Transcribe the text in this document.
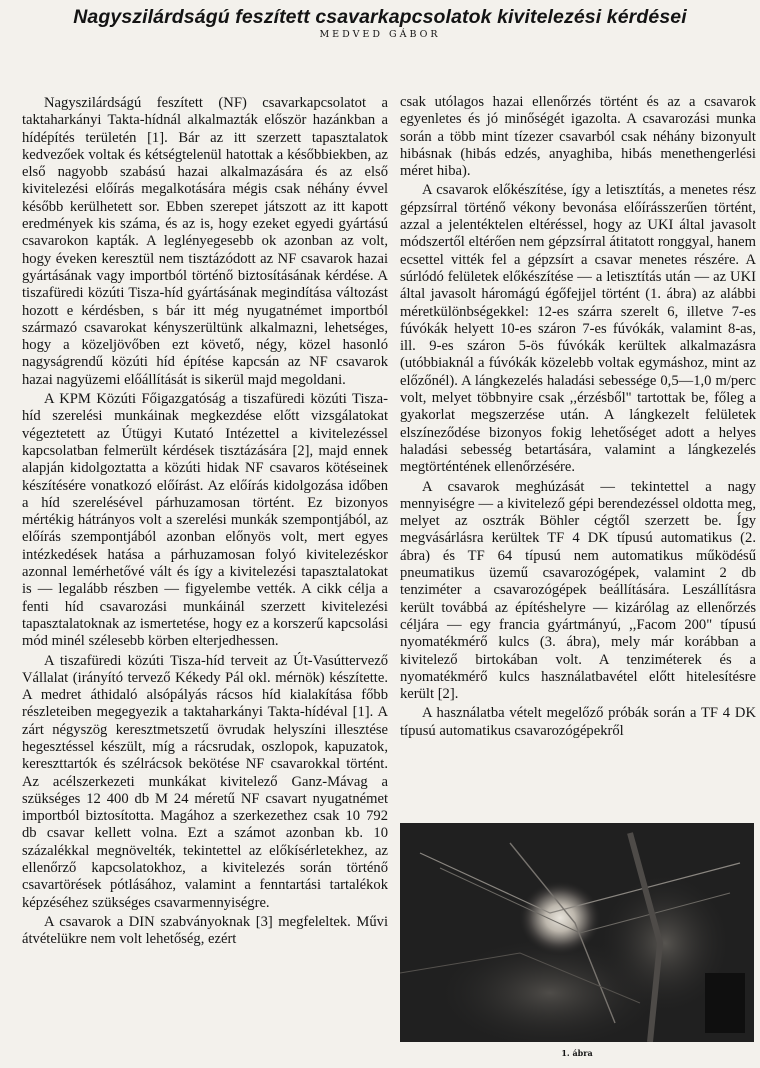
Nagyszilárdságú feszített csavarkapcsolatok kivitelezési kérdései
MEDVED GÁBOR

Nagyszilárdságú feszített (NF) csavarkapcsolatot a taktaharkányi Takta-hídnál alkalmazták először hazánkban a hídépítés területén [1]. Bár az itt szerzett tapasztalatok kedvezőek voltak és kétségtelenül hatottak a későbbiekben, az első nagyobb szabású hazai alkalmazására és az első kivitelezési előírás megalkotására mégis csak néhány évvel később kerülhetett sor. Ebben szerepet játszott az itt kapott eredmények kis száma, és az is, hogy ezeket egyedi gyártású csavarokon kapták. A leglényegesebb ok azonban az volt, hogy éveken keresztül nem tisztázódott az NF csavarok hazai gyártásának vagy importból történő biztosításának kérdése. A tiszafüredi közúti Tisza-híd gyártásának megindítása változást hozott e kérdésben, s bár itt még nyugatnémet importból származó csavarokat kényszerültünk alkalmazni, lehetséges, hogy a közeljövőben ezt követő, négy, közel hasonló nagyságrendű közúti híd építése kapcsán az NF csavarok hazai nagyüzemi előállítását is sikerül majd megoldani.

A KPM Közúti Főigazgatóság a tiszafüredi közúti Tisza-híd szerelési munkáinak megkezdése előtt vizsgálatokat végeztetett az Útügyi Kutató Intézettel a kivitelezéssel kapcsolatban felmerült kérdések tisztázására [2], majd ennek alapján kidolgoztatta a közúti hidak NF csavaros kötéseinek készítésére vonatkozó előírást. Az előírás kidolgozása időben a híd szerelésével párhuzamosan történt. Ez bizonyos mértékig hátrányos volt a szerelési munkák szempontjából, az előírás szempontjából azonban előnyös volt, mert egyes intézkedések hatása a párhuzamosan folyó kivitelezéskor azonnal lemérhetővé vált és így a kivitelezési tapasztalatokat is — legalább részben — figyelembe vették. A cikk célja a fenti híd csavarozási munkáinál szerzett kivitelezési tapasztalatoknak az ismertetése, hogy ez a korszerű kapcsolási mód minél szélesebb körben elterjedhessen.

A tiszafüredi közúti Tisza-híd terveit az Út-Vasúttervező Vállalat (irányító tervező Kékedy Pál okl. mérnök) készítette. A medret áthidaló alsópályás rácsos híd kialakítása főbb részleteiben megegyezik a taktaharkányi Takta-hídéval [1]. A zárt négyszög keresztmetszetű övrudak helyszíni illesztése hegesztéssel készült, míg a rácsrudak, oszlopok, kapuzatok, kereszttartók és szélrácsok bekötése NF csavarokkal történt. Az acélszerkezeti munkákat kivitelező Ganz-Mávag a szükséges 12 400 db M 24 méretű NF csavart nyugatnémet importból biztosította. Magához a szerkezethez csak 10 792 db csavar kellett volna. Ezt a számot azonban kb. 10 százalékkal megnövelték, tekintettel az előkísérletekhez, az ellenőrző kapcsolatokhoz, a kivitelezés során történő csavartörések pótlásához, valamint a fenntartási tartalékok képzéséhez szükséges csavarmennyiségre.

A csavarok a DIN szabványoknak [3] megfeleltek. Művi átvételükre nem volt lehetőség, ezért

csak utólagos hazai ellenőrzés történt és az a csavarok egyenletes és jó minőségét igazolta. A csavarozási munka során a több mint tízezer csavarból csak néhány bizonyult hibásnak (hibás edzés, anyaghiba, hibás menethengerlési méret hiba).

A csavarok előkészítése, így a letisztítás, a menetes rész gépzsírral történő vékony bevonása előírásszerűen történt, azzal a jelentéktelen eltéréssel, hogy az UKI által javasolt módszertől eltérően nem gépzsírral átitatott ronggyal, hanem ecsettel vitték fel a gépzsírt a csavar menetes részére. A súrlódó felületek előkészítése — a letisztítás után — az UKI által javasolt háromágú égőfejjel történt (1. ábra) az alábbi méretkülönbségekkel: 12-es szárra szerelt 6, illetve 7-es fúvókák helyett 10-es száron 7-es fúvókák, valamint 8-as, ill. 9-es száron 5-ös fúvókák kerültek alkalmazásra (utóbbiaknál a fúvókák közelebb voltak egymáshoz, mint az előzőnél). A lángkezelés haladási sebessége 0,5—1,0 m/perc volt, melyet többnyire csak ,,érzésből" tartottak be, főleg a gyakorlat megszerzése után. A lángkezelt felületek elszíneződése bizonyos fokig lehetőséget adott a helyes haladási sebesség betartására, valamint a lángkezelés megtörténtének ellenőrzésére.

A csavarok meghúzását — tekintettel a nagy mennyiségre — a kivitelező gépi berendezéssel oldotta meg, melyet az osztrák Böhler cégtől szerzett be. Így megvásárlásra kerültek TF 4 DK típusú automatikus (2. ábra) és TF 64 típusú nem automatikus működésű pneumatikus üzemű csavarozógépek, valamint 2 db tenziméter a csavarozógépek beállítására. Leszállításra került továbbá az építéshelyre — kizárólag az ellenőrzés céljára — egy francia gyártmányú, ,,Facom 200" típusú nyomatékmérő kulcs (3. ábra), mely már korábban a kivitelező birtokában volt. A tenziméterek és a nyomatékmérő kulcs használatbavétel előtt hitelesítésre került [2].

A használatba vételt megelőző próbák során a TF 4 DK típusú automatikus csavarozógépekről

1. ábra
